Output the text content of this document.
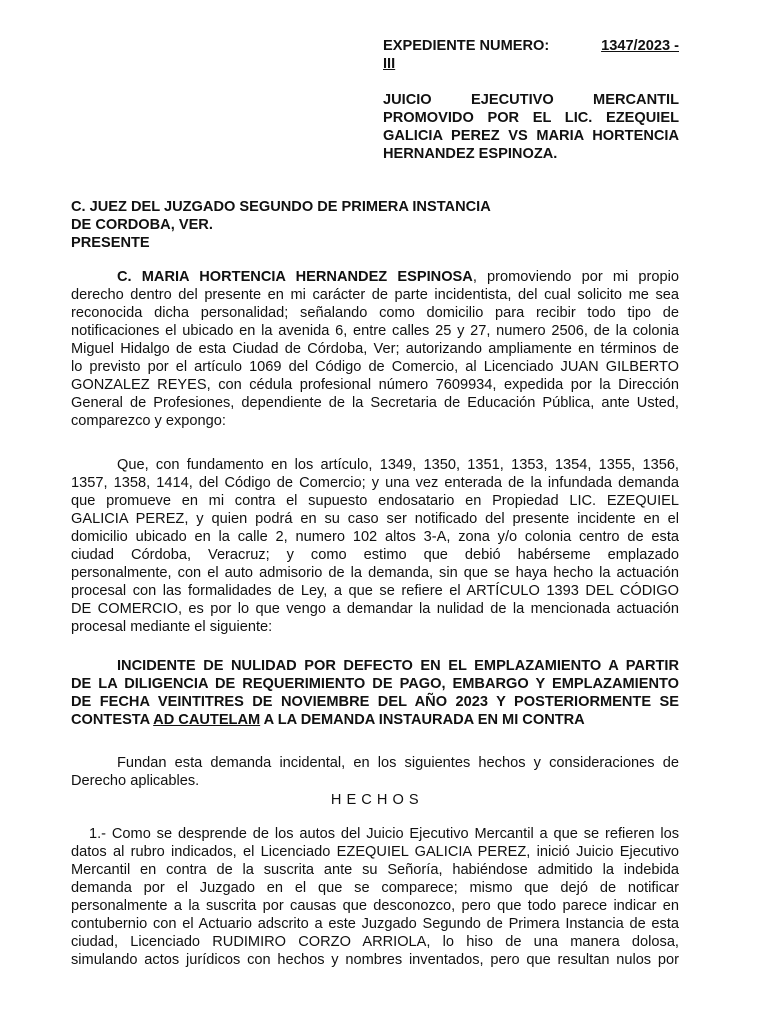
EXPEDIENTE NUMERO:	1347/2023 -
III
JUICIO EJECUTIVO MERCANTIL
PROMOVIDO POR EL LIC. EZEQUIEL
GALICIA PEREZ VS MARIA HORTENCIA
HERNANDEZ ESPINOZA.
C. JUEZ DEL JUZGADO SEGUNDO DE PRIMERA INSTANCIA
DE CORDOBA, VER.
PRESENTE
C. MARIA HORTENCIA HERNANDEZ ESPINOSA, promoviendo por mi propio
derecho dentro del presente en mi carácter de parte incidentista, del cual solicito me sea
reconocida dicha personalidad; señalando como domicilio para recibir todo tipo de
notificaciones el ubicado en la avenida 6, entre calles 25 y 27, numero 2506, de la colonia
Miguel Hidalgo de esta Ciudad de Córdoba, Ver; autorizando ampliamente en términos de
lo previsto por el artículo 1069 del Código de Comercio, al Licenciado JUAN GILBERTO
GONZALEZ REYES, con cédula profesional número 7609934, expedida por la Dirección
General de Profesiones, dependiente de la Secretaria de Educación Pública, ante Usted,
comparezco y expongo:
Que, con fundamento en los artículo, 1349, 1350, 1351, 1353, 1354, 1355, 1356,
1357, 1358, 1414, del Código de Comercio; y una vez enterada de la infundada demanda
que promueve en mi contra el supuesto endosatario en Propiedad LIC. EZEQUIEL
GALICIA PEREZ, y quien podrá en su caso ser notificado del presente incidente en el
domicilio ubicado en la calle 2, numero 102 altos 3-A, zona y/o colonia centro de esta
ciudad Córdoba, Veracruz; y como estimo que debió habérseme emplazado
personalmente, con el auto admisorio de la demanda, sin que se haya hecho la actuación
procesal con las formalidades de Ley, a que se refiere el ARTÍCULO 1393 DEL CÓDIGO
DE COMERCIO, es por lo que vengo a demandar la nulidad de la mencionada actuación
procesal mediante el siguiente:
INCIDENTE DE NULIDAD POR DEFECTO EN EL EMPLAZAMIENTO A PARTIR
DE LA DILIGENCIA DE REQUERIMIENTO DE PAGO, EMBARGO Y EMPLAZAMIENTO
DE FECHA VEINTITRES DE NOVIEMBRE DEL AÑO 2023 Y POSTERIORMENTE SE
CONTESTA AD CAUTELAM A LA DEMANDA INSTAURADA EN MI CONTRA
Fundan esta demanda incidental, en los siguientes hechos y consideraciones de
Derecho aplicables.
H E C H O S
1.- Como se desprende de los autos del Juicio Ejecutivo Mercantil a que se refieren los
datos al rubro indicados, el Licenciado EZEQUIEL GALICIA PEREZ, inició Juicio Ejecutivo
Mercantil en contra de la suscrita ante su Señoría, habiéndose admitido la indebida
demanda por el Juzgado en el que se comparece; mismo que dejó de notificar
personalmente a la suscrita por causas que desconozco, pero que todo parece indicar en
contubernio con el Actuario adscrito a este Juzgado Segundo de Primera Instancia de esta
ciudad, Licenciado RUDIMIRO CORZO ARRIOLA, lo hiso de una manera dolosa,
simulando actos jurídicos con hechos y nombres inventados, pero que resultan nulos por
